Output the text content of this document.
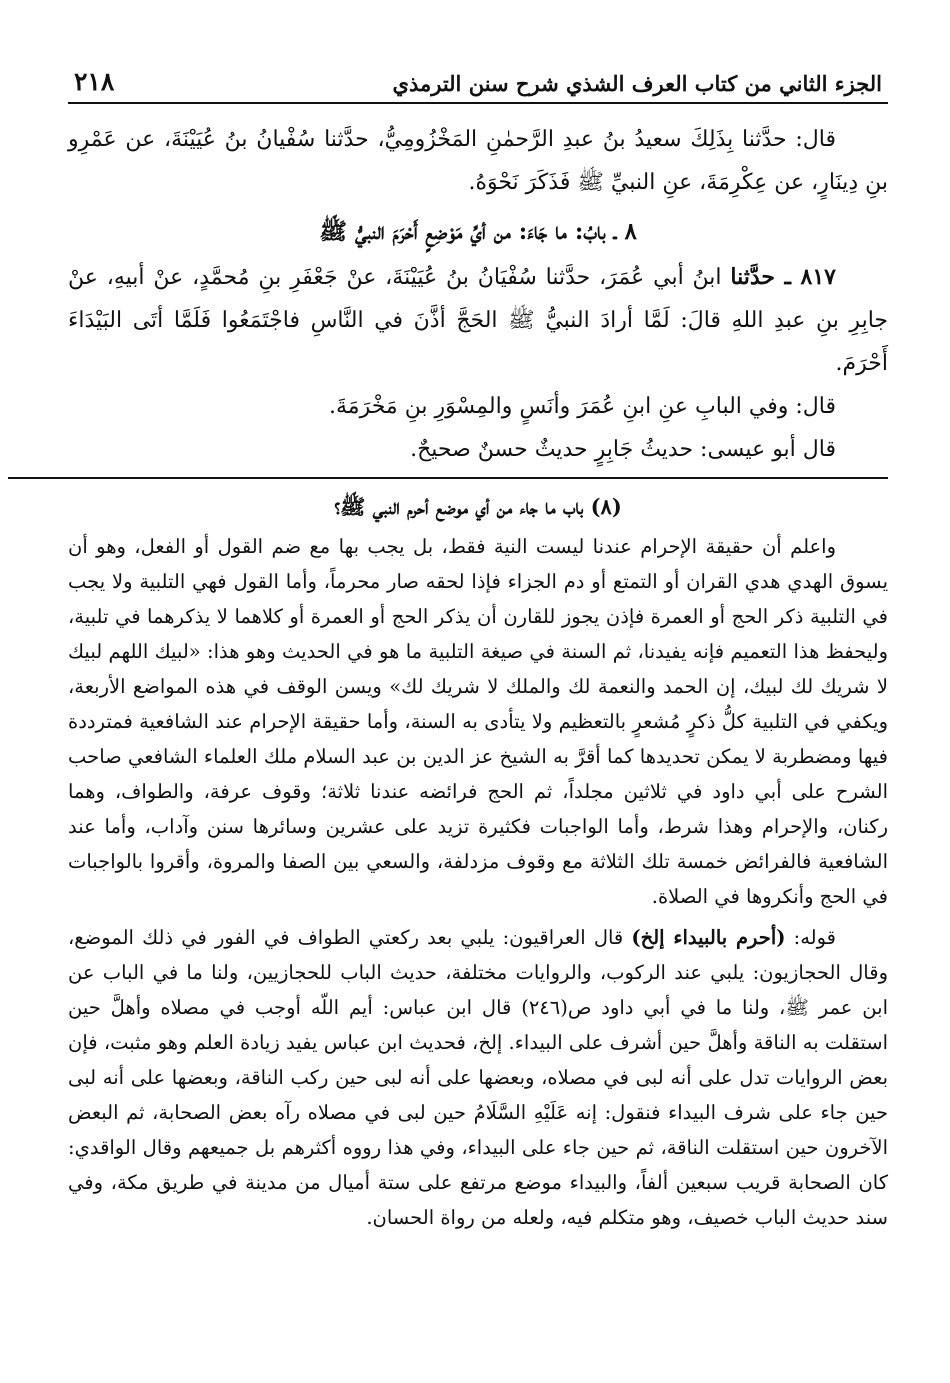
الجزء الثاني من كتاب العرف الشذي شرح سنن الترمذي
٢١٨

قال: حدَّثنا بِذَلِكَ سعيدُ بنُ عبدِ الرَّحمٰنِ المَخْزُومِيُّ، حدَّثنا سُفْيانُ بنُ عُيَيْنَةَ، عن عَمْرِو بنِ دِينَارٍ، عن عِكْرِمَةَ، عنِ النبيِّ ﷺ فَذَكَرَ نَحْوَهُ.

٨ ـ بابُ: ما جَاءَ: من أيِّ مَوْضِعٍ أَحْرَمَ النبيُّ ﷺ

٨١٧ ـ حدَّثنا ابنُ أبي عُمَرَ، حدَّثنا سُفْيَانُ بنُ عُيَيْنَةَ، عنْ جَعْفَرِ بنِ مُحمَّدٍ، عنْ أبيهِ، عنْ جابِرِ بنِ عبدِ اللهِ قالَ: لَمَّا أرادَ النبيُّ ﷺ الحَجَّ أذَّنَ في النَّاسِ فاجْتَمَعُوا فَلَمَّا أتَى البَيْدَاءَ أَحْرَمَ.

قال: وفي البابِ عنِ ابنِ عُمَرَ وأنَسٍ والمِسْوَرِ بنِ مَخْرَمَةَ.

قال أبو عيسى: حديثُ جَابِرٍ حديثٌ حسنٌ صحيحٌ.

(٨) باب ما جاء من أي موضع أحرم النبي ﷺ؟

واعلم أن حقيقة الإحرام عندنا ليست النية فقط، بل يجب بها مع ضم القول أو الفعل، وهو أن يسوق الهدي هدي القران أو التمتع أو دم الجزاء فإذا لحقه صار محرماً، وأما القول فهي التلبية ولا يجب في التلبية ذكر الحج أو العمرة فإذن يجوز للقارن أن يذكر الحج أو العمرة أو كلاهما لا يذكرهما في تلبية، وليحفظ هذا التعميم فإنه يفيدنا، ثم السنة في صيغة التلبية ما هو في الحديث وهو هذا: «لبيك اللهم لبيك لا شريك لك لبيك، إن الحمد والنعمة لك والملك لا شريك لك» ويسن الوقف في هذه المواضع الأربعة، ويكفي في التلبية كلُّ ذكرٍ مُشعرٍ بالتعظيم ولا يتأدى به السنة، وأما حقيقة الإحرام عند الشافعية فمترددة فيها ومضطربة لا يمكن تحديدها كما أقرَّ به الشيخ عز الدين بن عبد السلام ملك العلماء الشافعي صاحب الشرح على أبي داود في ثلاثين مجلداً، ثم الحج فرائضه عندنا ثلاثة؛ وقوف عرفة، والطواف، وهما ركنان، والإحرام وهذا شرط، وأما الواجبات فكثيرة تزيد على عشرين وسائرها سنن وآداب، وأما عند الشافعية فالفرائض خمسة تلك الثلاثة مع وقوف مزدلفة، والسعي بين الصفا والمروة، وأقروا بالواجبات في الحج وأنكروها في الصلاة.

قوله: (أحرم بالبيداء إلخ) قال العراقيون: يلبي بعد ركعتي الطواف في الفور في ذلك الموضع، وقال الحجازيون: يلبي عند الركوب، والروايات مختلفة، حديث الباب للحجازيين، ولنا ما في الباب عن ابن عمر ﷺ، ولنا ما في أبي داود ص(٢٤٦) قال ابن عباس: أيم اللّه أوجب في مصلاه وأهلَّ حين استقلت به الناقة وأهلَّ حين أشرف على البيداء. إلخ، فحديث ابن عباس يفيد زيادة العلم وهو مثبت، فإن بعض الروايات تدل على أنه لبى في مصلاه، وبعضها على أنه لبى حين ركب الناقة، وبعضها على أنه لبى حين جاء على شرف البيداء فنقول: إنه عَلَيْهِ السَّلَامُ حين لبى في مصلاه رآه بعض الصحابة، ثم البعض الآخرون حين استقلت الناقة، ثم حين جاء على البيداء، وفي هذا رووه أكثرهم بل جميعهم وقال الواقدي: كان الصحابة قريب سبعين ألفاً، والبيداء موضع مرتفع على ستة أميال من مدينة في طريق مكة، وفي سند حديث الباب خصيف، وهو متكلم فيه، ولعله من رواة الحسان.
